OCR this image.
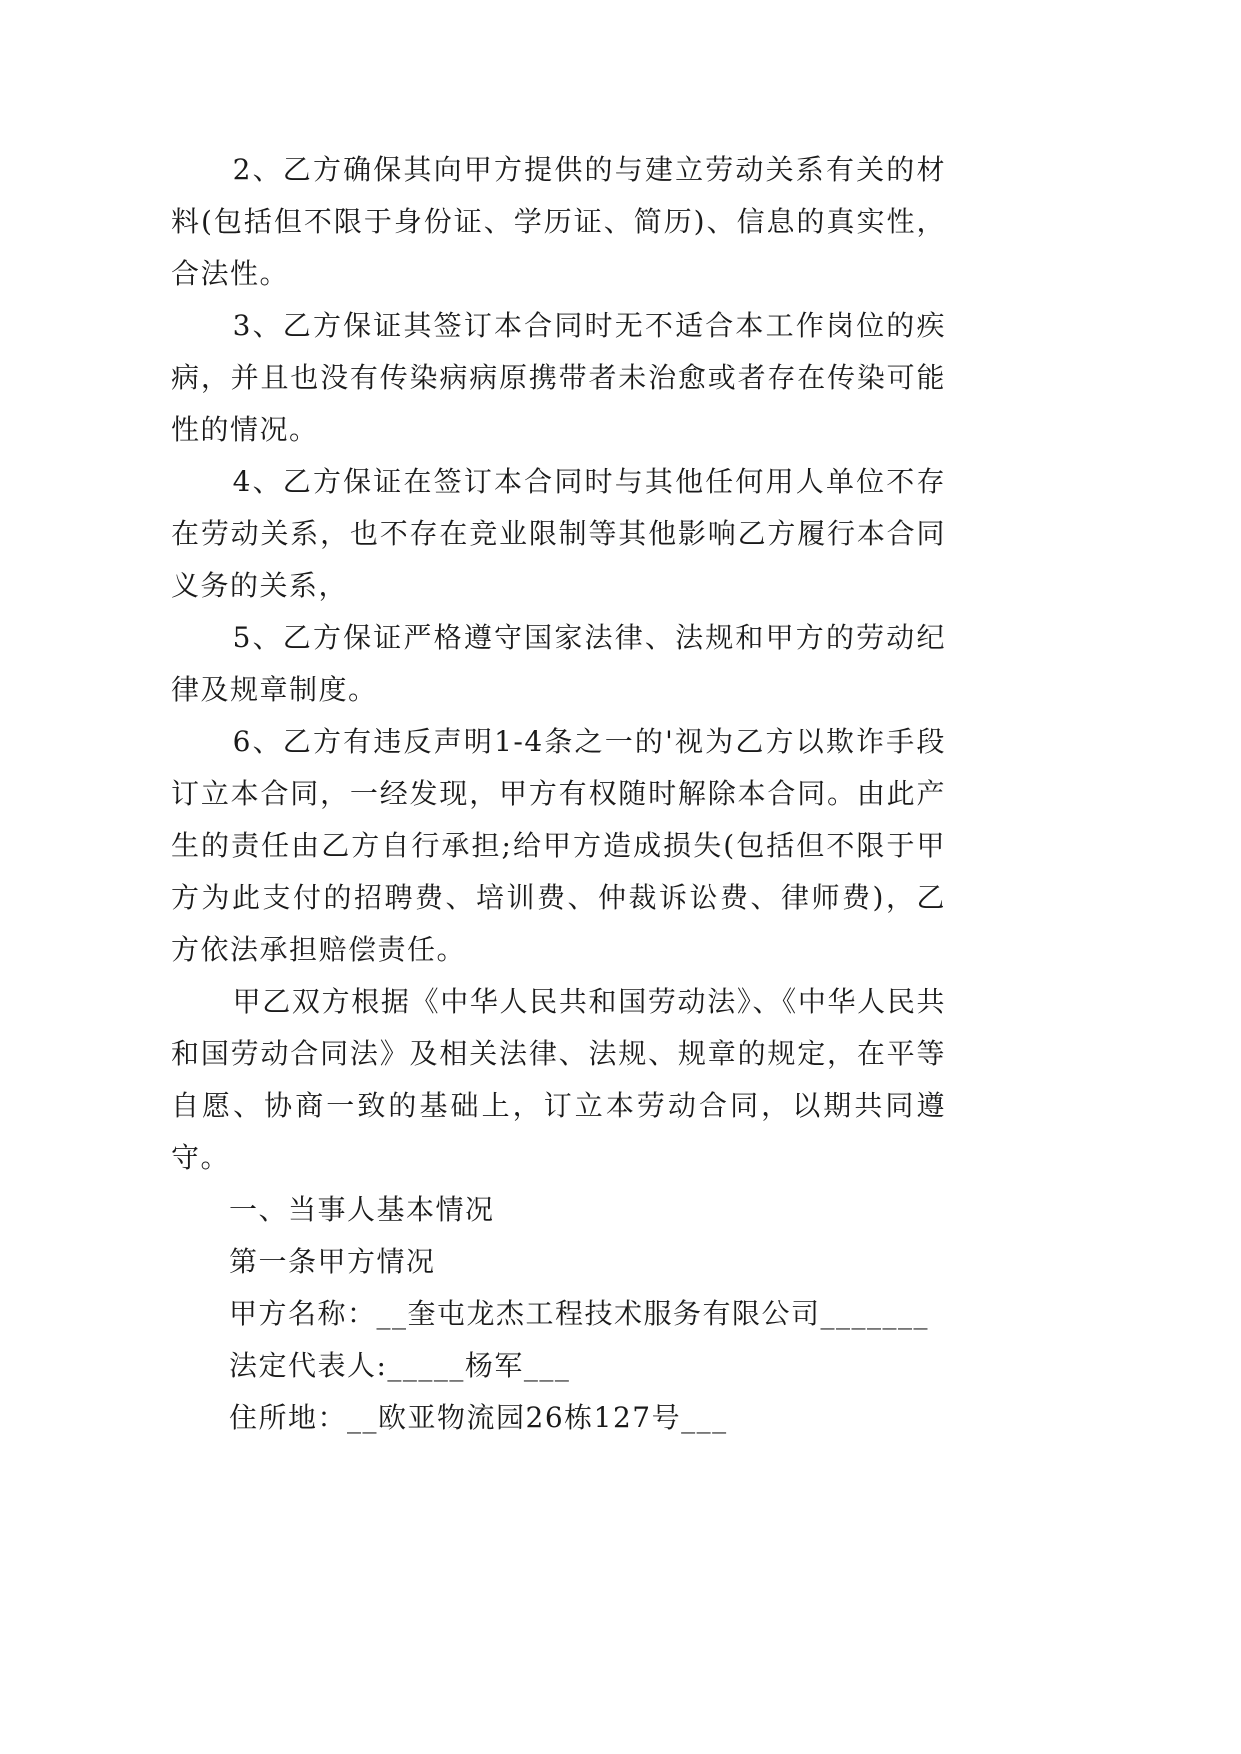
2、乙方确保其向甲方提供的与建立劳动关系有关的材料(包括但不限于身份证、学历证、简历)、信息的真实性，合法性。

3、乙方保证其签订本合同时无不适合本工作岗位的疾病，并且也没有传染病病原携带者未治愈或者存在传染可能性的情况。

4、乙方保证在签订本合同时与其他任何用人单位不存在劳动关系，也不存在竞业限制等其他影响乙方履行本合同义务的关系，

5、乙方保证严格遵守国家法律、法规和甲方的劳动纪律及规章制度。

6、乙方有违反声明1-4条之一的'视为乙方以欺诈手段订立本合同，一经发现，甲方有权随时解除本合同。由此产生的责任由乙方自行承担;给甲方造成损失(包括但不限于甲方为此支付的招聘费、培训费、仲裁诉讼费、律师费)，乙方依法承担赔偿责任。

甲乙双方根据《中华人民共和国劳动法》、《中华人民共和国劳动合同法》及相关法律、法规、规章的规定，在平等自愿、协商一致的基础上，订立本劳动合同，以期共同遵守。

一、当事人基本情况

第一条甲方情况

甲方名称：__奎屯龙杰工程技术服务有限公司_______

法定代表人:_____杨军___

住所地：__欧亚物流园26栋127号___
